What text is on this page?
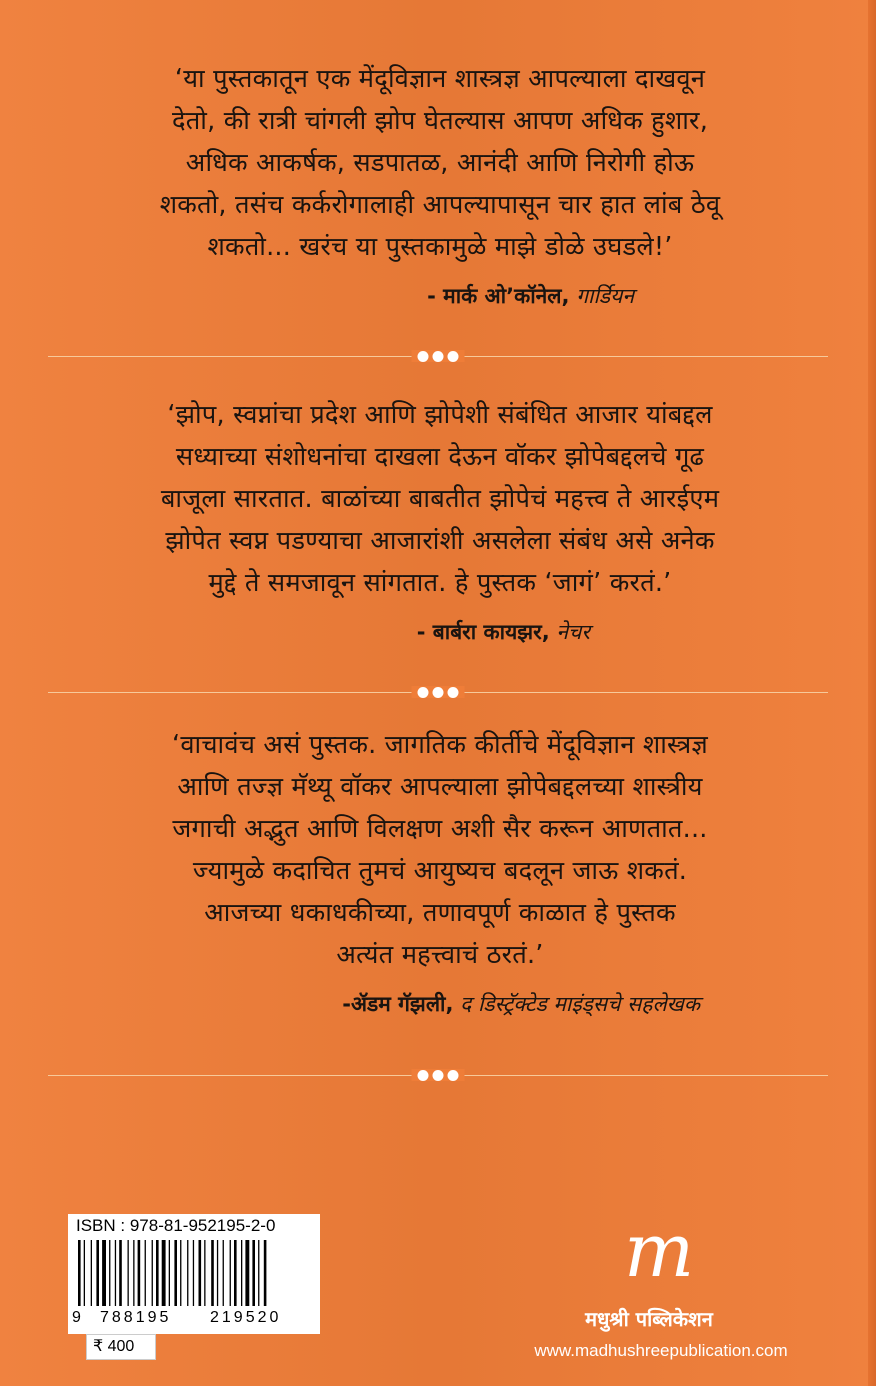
‘या पुस्तकातून एक मेंदूविज्ञान शास्त्रज्ञ आपल्याला दाखवून
देतो, की रात्री चांगली झोप घेतल्यास आपण अधिक हुशार,
अधिक आकर्षक, सडपातळ, आनंदी आणि निरोगी होऊ
शकतो, तसंच कर्करोगालाही आपल्यापासून चार हात लांब ठेवू
शकतो... खरंच या पुस्तकामुळे माझे डोळे उघडले!’

- मार्क ओ’कॉनेल, गार्डियन

‘झोप, स्वप्नांचा प्रदेश आणि झोपेशी संबंधित आजार यांबद्दल
सध्याच्या संशोधनांचा दाखला देऊन वॉकर झोपेबद्दलचे गूढ
बाजूला सारतात. बाळांच्या बाबतीत झोपेचं महत्त्व ते आरईएम
झोपेत स्वप्न पडण्याचा आजारांशी असलेला संबंध असे अनेक
मुद्दे ते समजावून सांगतात. हे पुस्तक ‘जागं’ करतं.’

- बार्बरा कायझर, नेचर

‘वाचावंच असं पुस्तक. जागतिक कीर्तीचे मेंदूविज्ञान शास्त्रज्ञ
आणि तज्ज्ञ मॅथ्यू वॉकर आपल्याला झोपेबद्दलच्या शास्त्रीय
जगाची अद्भुत आणि विलक्षण अशी सैर करून आणतात...
ज्यामुळे कदाचित तुमचं आयुष्यच बदलून जाऊ शकतं.
आजच्या धकाधकीच्या, तणावपूर्ण काळात हे पुस्तक
अत्यंत महत्त्वाचं ठरतं.’

-ॲडम गॅझली, द डिस्ट्रॅक्टेड माइंड्सचे सहलेखक
ISBN : 978-81-952195-2-0
9 788195 219520
₹ 400
m
मधुश्री पब्लिकेशन
www.madhushreepublication.com
